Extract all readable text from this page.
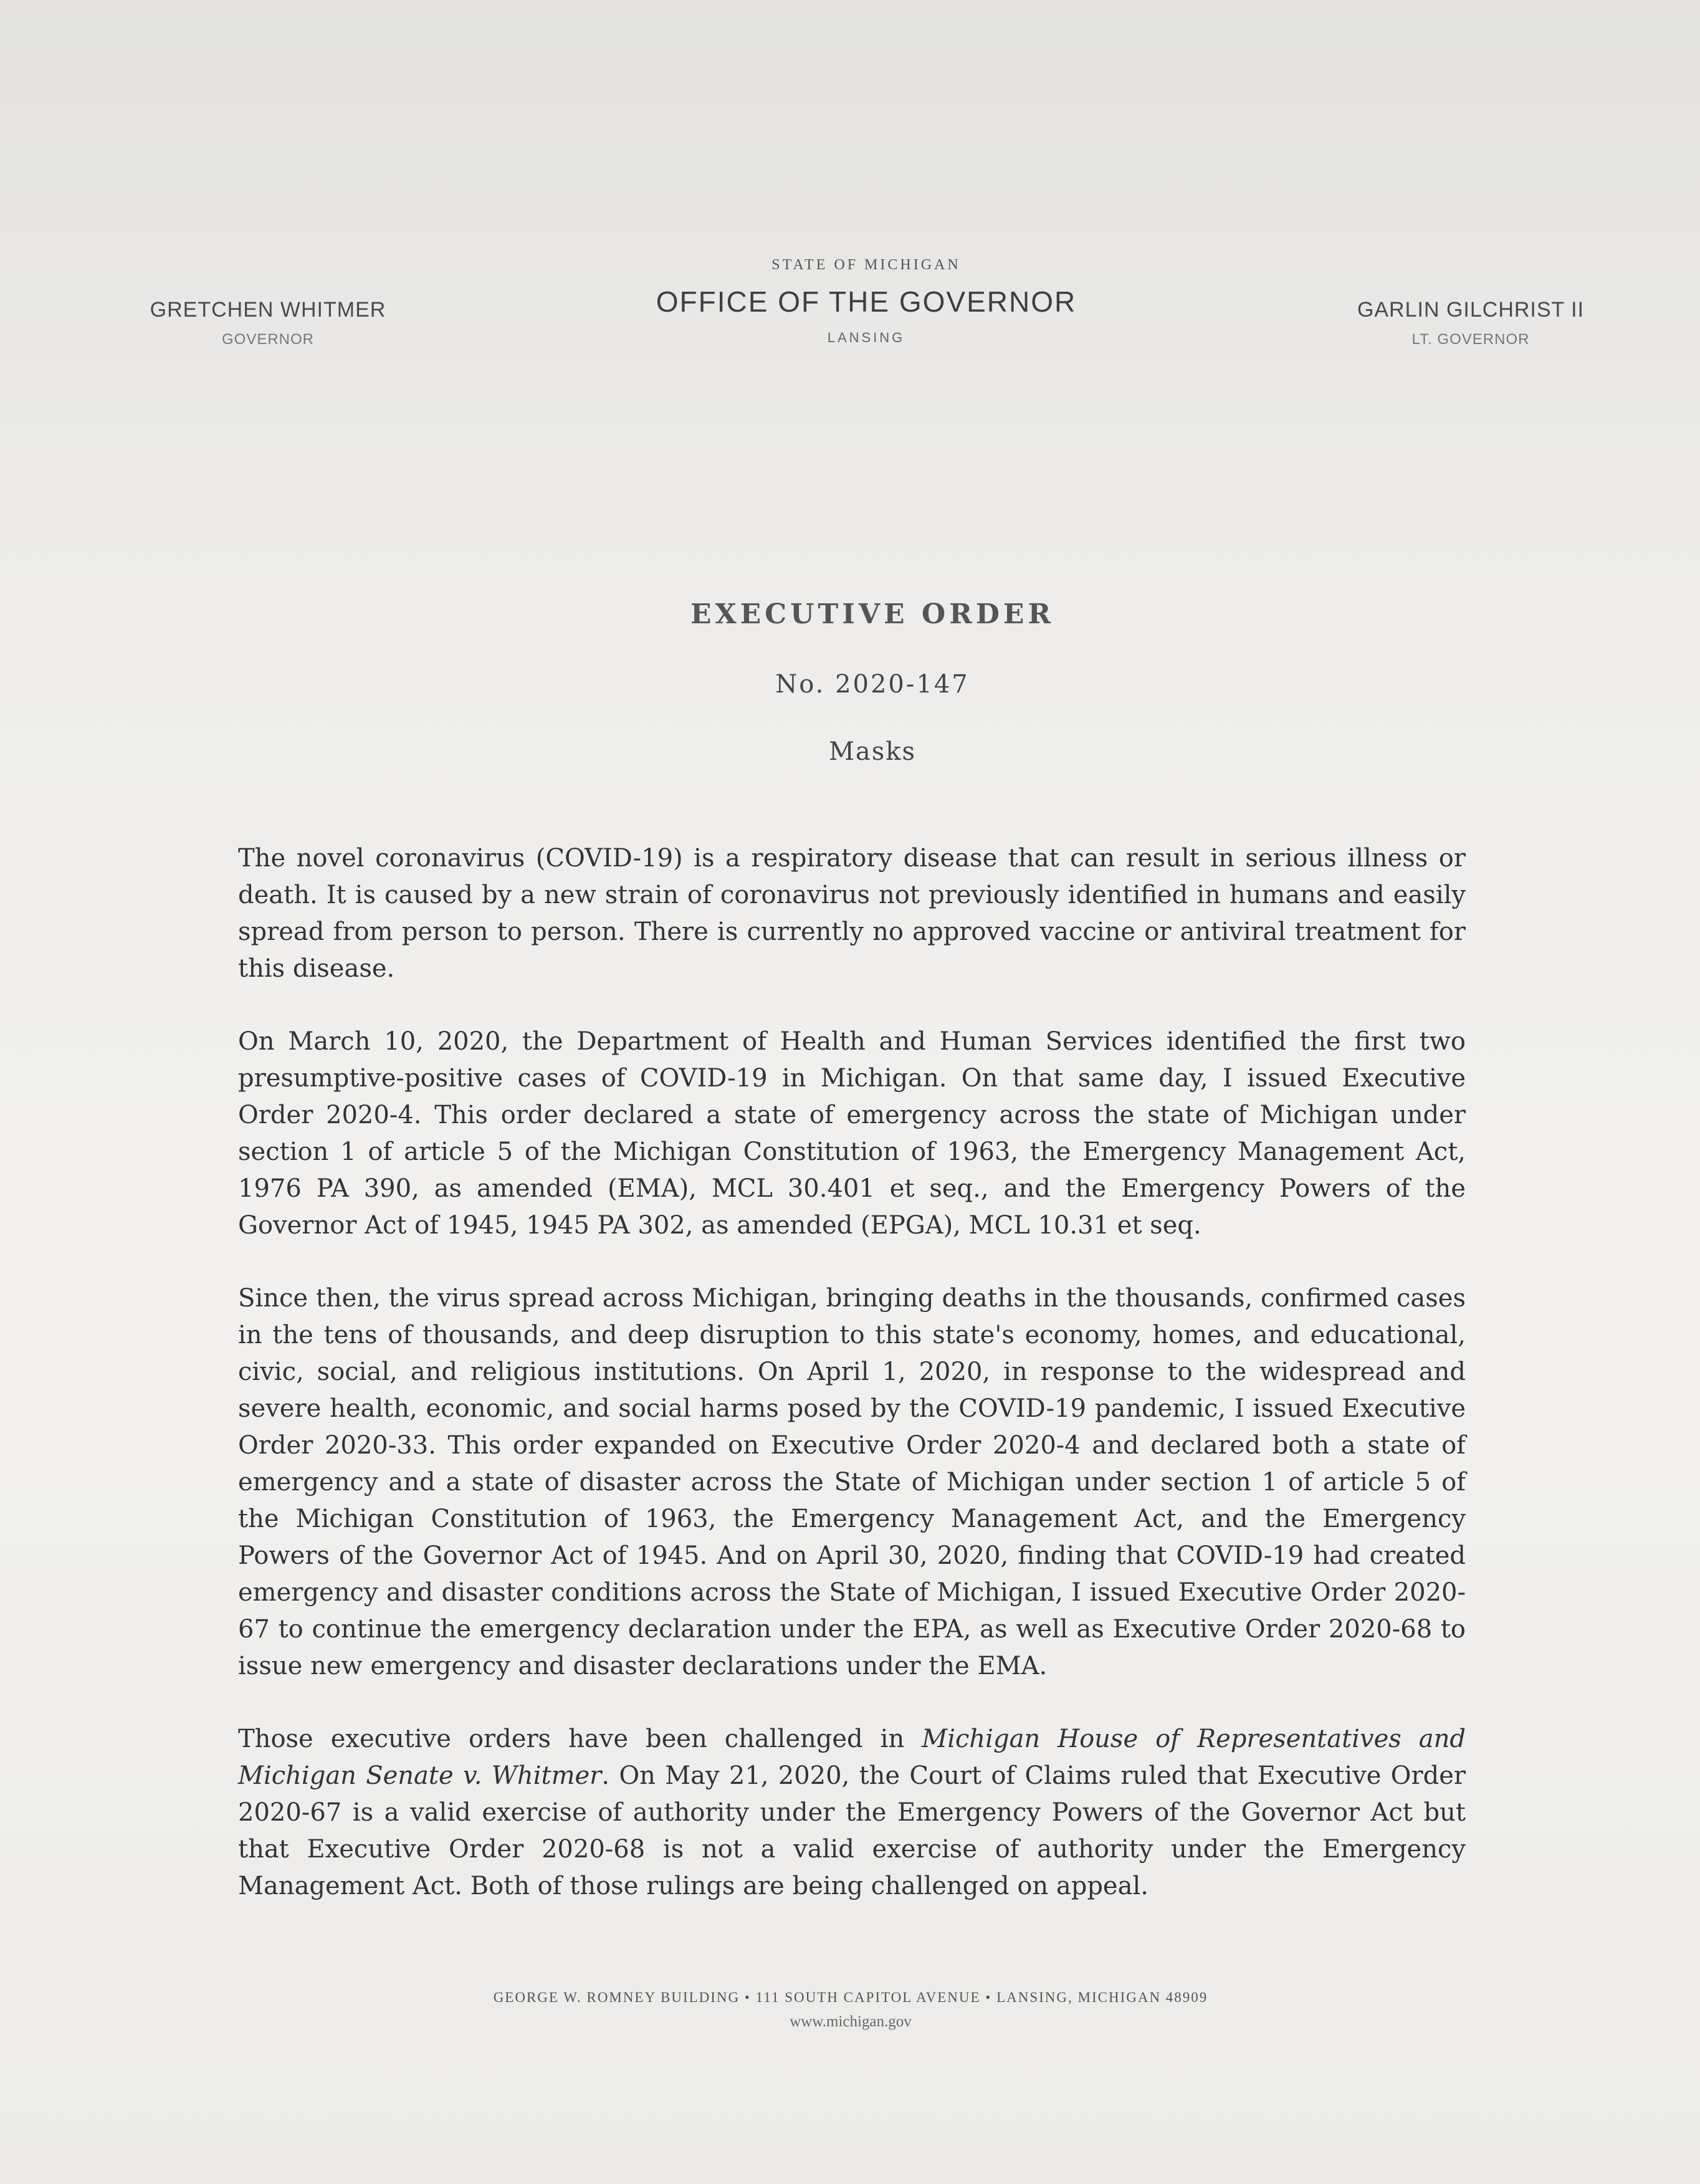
GRETCHEN WHITMER
GOVERNOR
STATE OF MICHIGAN
OFFICE OF THE GOVERNOR
LANSING
GARLIN GILCHRIST II
LT. GOVERNOR
EXECUTIVE ORDER
No. 2020-147
Masks

The novel coronavirus (COVID-19) is a respiratory disease that can result in serious illness or death. It is caused by a new strain of coronavirus not previously identified in humans and easily spread from person to person. There is currently no approved vaccine or antiviral treatment for this disease.

On March 10, 2020, the Department of Health and Human Services identified the first two presumptive-positive cases of COVID-19 in Michigan. On that same day, I issued Executive Order 2020-4. This order declared a state of emergency across the state of Michigan under section 1 of article 5 of the Michigan Constitution of 1963, the Emergency Management Act, 1976 PA 390, as amended (EMA), MCL 30.401 et seq., and the Emergency Powers of the Governor Act of 1945, 1945 PA 302, as amended (EPGA), MCL 10.31 et seq.

Since then, the virus spread across Michigan, bringing deaths in the thousands, confirmed cases in the tens of thousands, and deep disruption to this state's economy, homes, and educational, civic, social, and religious institutions. On April 1, 2020, in response to the widespread and severe health, economic, and social harms posed by the COVID-19 pandemic, I issued Executive Order 2020-33. This order expanded on Executive Order 2020-4 and declared both a state of emergency and a state of disaster across the State of Michigan under section 1 of article 5 of the Michigan Constitution of 1963, the Emergency Management Act, and the Emergency Powers of the Governor Act of 1945. And on April 30, 2020, finding that COVID-19 had created emergency and disaster conditions across the State of Michigan, I issued Executive Order 2020-67 to continue the emergency declaration under the EPA, as well as Executive Order 2020-68 to issue new emergency and disaster declarations under the EMA.

Those executive orders have been challenged in Michigan House of Representatives and Michigan Senate v. Whitmer. On May 21, 2020, the Court of Claims ruled that Executive Order 2020-67 is a valid exercise of authority under the Emergency Powers of the Governor Act but that Executive Order 2020-68 is not a valid exercise of authority under the Emergency Management Act. Both of those rulings are being challenged on appeal.

GEORGE W. ROMNEY BUILDING • 111 SOUTH CAPITOL AVENUE • LANSING, MICHIGAN 48909
www.michigan.gov
